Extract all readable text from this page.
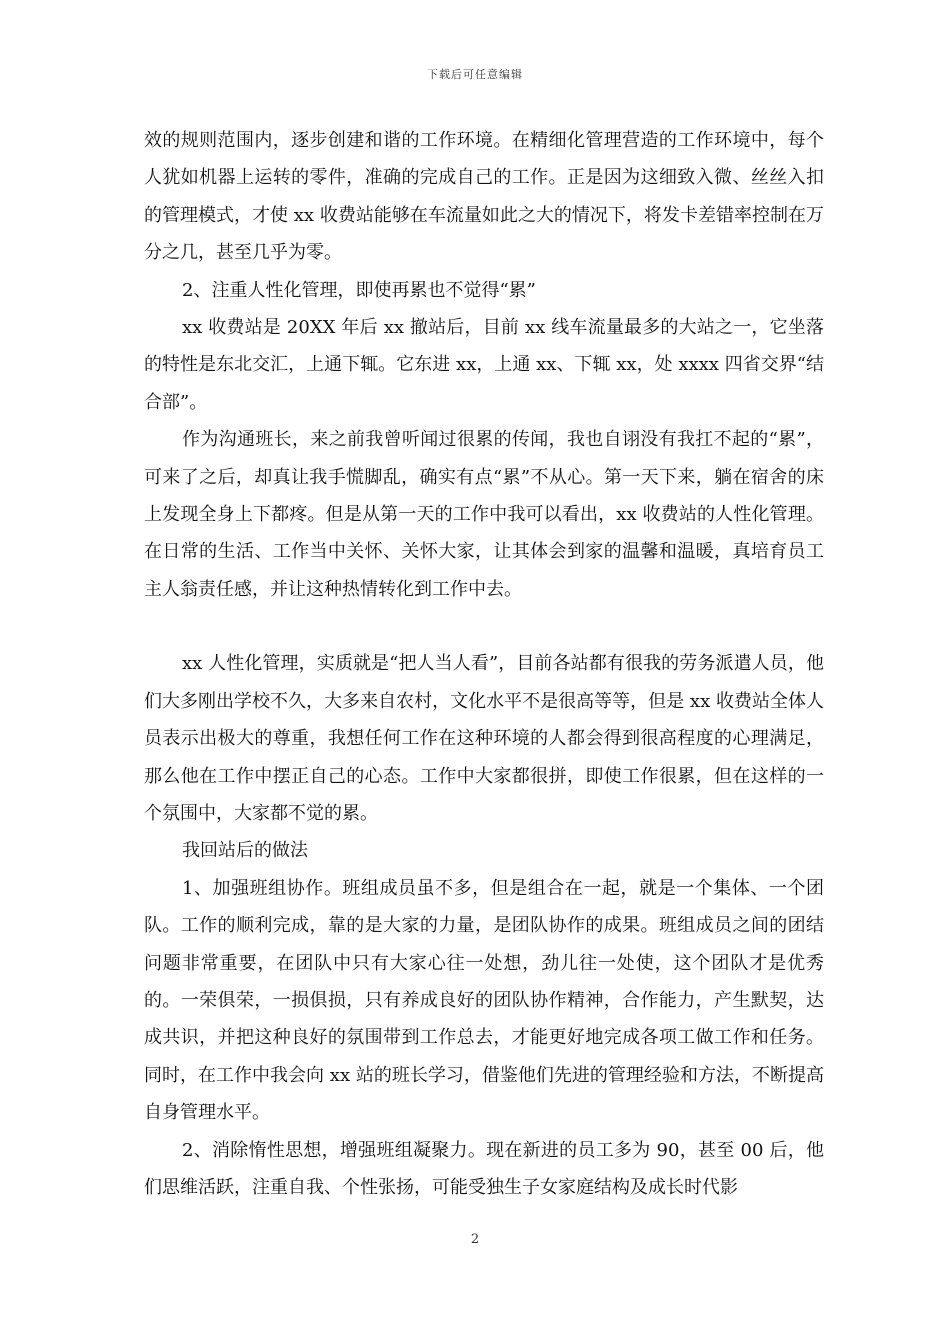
下载后可任意编辑

效的规则范围内，逐步创建和谐的工作环境。在精细化管理营造的工作环境中，每个人犹如机器上运转的零件，准确的完成自己的工作。正是因为这细致入微、丝丝入扣的管理模式，才使 xx 收费站能够在车流量如此之大的情况下，将发卡差错率控制在万分之几，甚至几乎为零。

2、注重人性化管理，即使再累也不觉得“累”

xx 收费站是 20XX 年后 xx 撤站后，目前 xx 线车流量最多的大站之一，它坐落的特性是东北交汇，上通下辄。它东进 xx，上通 xx、下辄 xx，处 xxxx 四省交界“结合部”。

作为沟通班长，来之前我曾听闻过很累的传闻，我也自诩没有我扛不起的“累”，可来了之后，却真让我手慌脚乱，确实有点“累”不从心。第一天下来，躺在宿舍的床上发现全身上下都疼。但是从第一天的工作中我可以看出，xx 收费站的人性化管理。在日常的生活、工作当中关怀、关怀大家，让其体会到家的温馨和温暖，真培育员工主人翁责任感，并让这种热情转化到工作中去。

xx 人性化管理，实质就是“把人当人看”，目前各站都有很我的劳务派遣人员，他们大多刚出学校不久，大多来自农村，文化水平不是很高等等，但是 xx 收费站全体人员表示出极大的尊重，我想任何工作在这种环境的人都会得到很高程度的心理满足，那么他在工作中摆正自己的心态。工作中大家都很拼，即使工作很累，但在这样的一个氛围中，大家都不觉的累。

我回站后的做法

1、加强班组协作。班组成员虽不多，但是组合在一起，就是一个集体、一个团队。工作的顺利完成，靠的是大家的力量，是团队协作的成果。班组成员之间的团结问题非常重要，在团队中只有大家心往一处想，劲儿往一处使，这个团队才是优秀的。一荣俱荣，一损俱损，只有养成良好的团队协作精神，合作能力，产生默契，达成共识，并把这种良好的氛围带到工作总去，才能更好地完成各项工做工作和任务。同时，在工作中我会向 xx 站的班长学习，借鉴他们先进的管理经验和方法，不断提高自身管理水平。

2、消除惰性思想，增强班组凝聚力。现在新进的员工多为 90，甚至 00 后，他们思维活跃，注重自我、个性张扬，可能受独生子女家庭结构及成长时代影

2
